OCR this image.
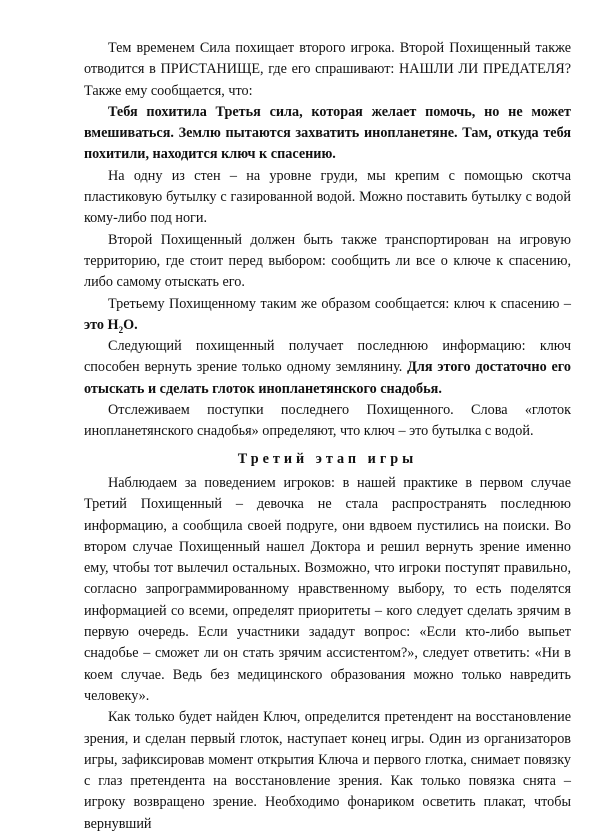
Тем временем Сила похищает второго игрока. Второй Похищенный также отводится в ПРИСТАНИЩЕ, где его спрашивают: НАШЛИ ЛИ ПРЕДАТЕЛЯ? Также ему сообщается, что:

Тебя похитила Третья сила, которая желает помочь, но не может вмешиваться. Землю пытаются захватить инопланетяне. Там, откуда тебя похитили, находится ключ к спасению.

На одну из стен – на уровне груди, мы крепим с помощью скотча пластиковую бутылку с газированной водой. Можно поставить бутылку с водой кому-либо под ноги.

Второй Похищенный должен быть также транспортирован на игровую территорию, где стоит перед выбором: сообщить ли все о ключе к спасению, либо самому отыскать его.

Третьему Похищенному таким же образом сообщается: ключ к спасению – это $H_2O$.

Следующий похищенный получает последнюю информацию: ключ способен вернуть зрение только одному землянину. Для этого достаточно его отыскать и сделать глоток инопланетянского снадобья.

Отслеживаем поступки последнего Похищенного. Слова «глоток инопланетянского снадобья» определяют, что ключ – это бутылка с водой.

Третий этап игры

Наблюдаем за поведением игроков: в нашей практике в первом случае Третий Похищенный – девочка не стала распространять последнюю информацию, а сообщила своей подруге, они вдвоем пустились на поиски. Во втором случае Похищенный нашел Доктора и решил вернуть зрение именно ему, чтобы тот вылечил остальных. Возможно, что игроки поступят правильно, согласно запрограммированному нравственному выбору, то есть поделятся информацией со всеми, определят приоритеты – кого следует сделать зрячим в первую очередь. Если участники зададут вопрос: «Если кто-либо выпьет снадобье – сможет ли он стать зрячим ассистентом?», следует ответить: «Ни в коем случае. Ведь без медицинского образования можно только навредить человеку».

Как только будет найден Ключ, определится претендент на восстановление зрения, и сделан первый глоток, наступает конец игры. Один из организаторов игры, зафиксировав момент открытия Ключа и первого глотка, снимает повязку с глаз претендента на восстановление зрения. Как только повязка снята – игроку возвращено зрение. Необходимо фонариком осветить плакат, чтобы вернувший
